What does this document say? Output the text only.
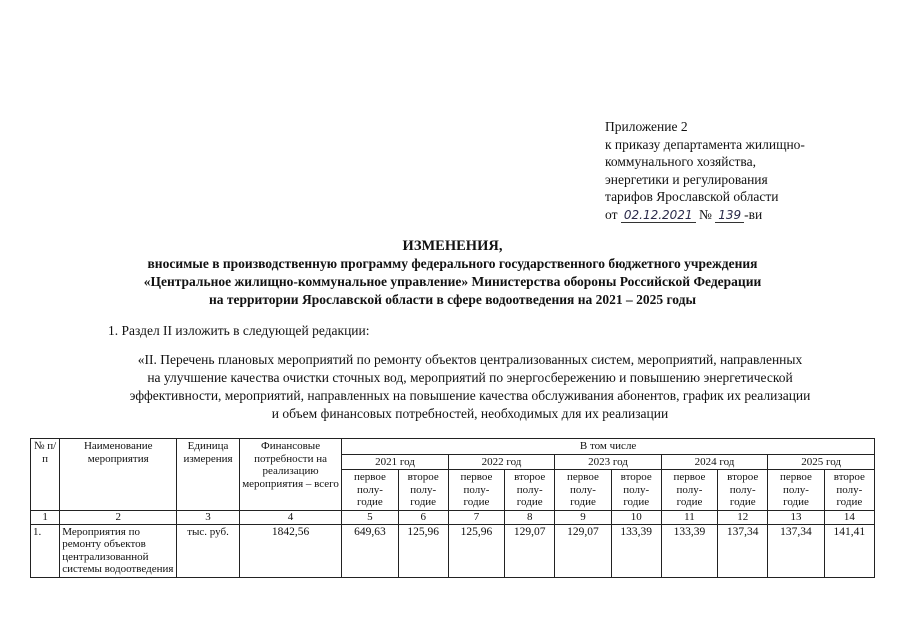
Приложение 2
к приказу департамента жилищно-
коммунального хозяйства,
энергетики и регулирования
тарифов Ярославской области
от 02.12.2021 № 139 -ви
ИЗМЕНЕНИЯ,
вносимые в производственную программу федерального государственного бюджетного учреждения
«Центральное жилищно-коммунальное управление» Министерства обороны Российской Федерации
на территории Ярославской области в сфере водоотведения на 2021 – 2025 годы
1. Раздел II изложить в следующей редакции:
«II. Перечень плановых мероприятий по ремонту объектов централизованных систем, мероприятий, направленных
на улучшение качества очистки сточных вод, мероприятий по энергосбережению и повышению энергетической
эффективности, мероприятий, направленных на повышение качества обслуживания абонентов, график их реализации
и объем финансовых потребностей, необходимых для их реализации
№ п/п	Наименование мероприятия	Единица измерения	Финансовые потребности на реализацию мероприятия – всего	В том числе									
				2021 год		2022 год		2023 год		2024 год		2025 год	
				первое полу-годие	второе полу-годие	первое полу-годие	второе полу-годие	первое полу-годие	второе полу-годие	первое полу-годие	второе полу-годие	первое полу-годие	второе полу-годие
1	2	3	4	5	6	7	8	9	10	11	12	13	14
1.	Мероприятия по ремонту объектов централизованной системы водоотведения	тыс. руб.	1842,56	649,63	125,96	125,96	129,07	129,07	133,39	133,39	137,34	137,34	141,41
